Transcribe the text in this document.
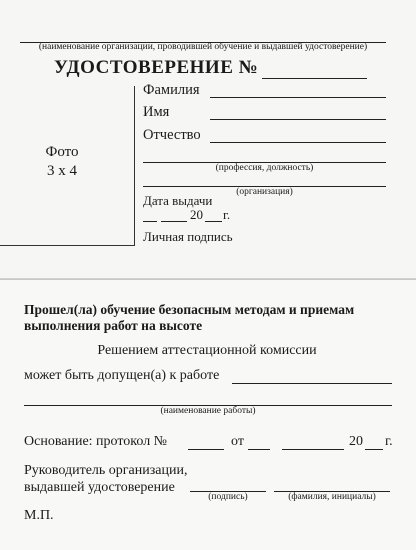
(наименование организации, проводившей обучение и выдавшей удостоверение)
УДОСТОВЕРЕНИЕ №
Фото
3 х 4
Фамилия
Имя
Отчество
(профессия, должность)
(организация)
Дата выдачи
20 г.
Личная подпись
Прошел(ла) обучение безопасным методам и приемам
выполнения работ на высоте
Решением аттестационной комиссии
может быть допущен(а) к работе
(наименование работы)
Основание: протокол №	от	20 г.
Руководитель организации,
выдавшей удостоверение
(подпись)	(фамилия, инициалы)
М.П.
